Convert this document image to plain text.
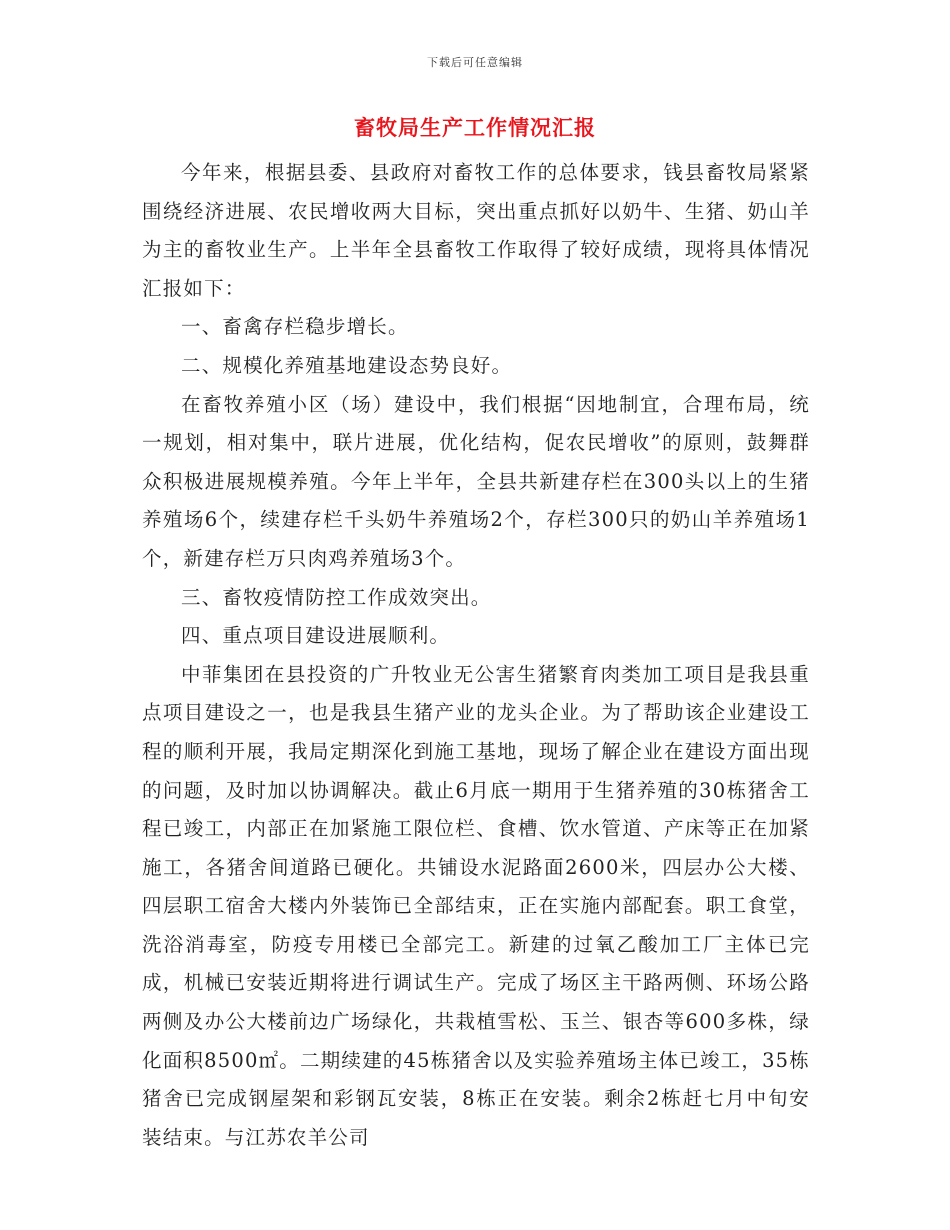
下载后可任意编辑
畜牧局生产工作情况汇报

今年来，根据县委、县政府对畜牧工作的总体要求，钱县畜牧局紧紧围绕经济进展、农民增收两大目标，突出重点抓好以奶牛、生猪、奶山羊为主的畜牧业生产。上半年全县畜牧工作取得了较好成绩，现将具体情况汇报如下：

一、畜禽存栏稳步增长。

二、规模化养殖基地建设态势良好。

在畜牧养殖小区（场）建设中，我们根据“因地制宜，合理布局，统一规划，相对集中，联片进展，优化结构，促农民增收”的原则，鼓舞群众积极进展规模养殖。今年上半年，全县共新建存栏在300头以上的生猪养殖场6个，续建存栏千头奶牛养殖场2个，存栏300只的奶山羊养殖场1个，新建存栏万只肉鸡养殖场3个。

三、畜牧疫情防控工作成效突出。

四、重点项目建设进展顺利。

中菲集团在县投资的广升牧业无公害生猪繁育肉类加工项目是我县重点项目建设之一，也是我县生猪产业的龙头企业。为了帮助该企业建设工程的顺利开展，我局定期深化到施工基地，现场了解企业在建设方面出现的问题，及时加以协调解决。截止6月底一期用于生猪养殖的30栋猪舍工程已竣工，内部正在加紧施工限位栏、食槽、饮水管道、产床等正在加紧施工，各猪舍间道路已硬化。共铺设水泥路面2600米，四层办公大楼、四层职工宿舍大楼内外装饰已全部结束，正在实施内部配套。职工食堂，洗浴消毒室，防疫专用楼已全部完工。新建的过氧乙酸加工厂主体已完成，机械已安装近期将进行调试生产。完成了场区主干路两侧、环场公路两侧及办公大楼前边广场绿化，共栽植雪松、玉兰、银杏等600多株，绿化面积8500㎡。二期续建的45栋猪舍以及实验养殖场主体已竣工，35栋猪舍已完成钢屋架和彩钢瓦安装，8栋正在安装。剩余2栋赶七月中旬安装结束。与江苏农羊公司
